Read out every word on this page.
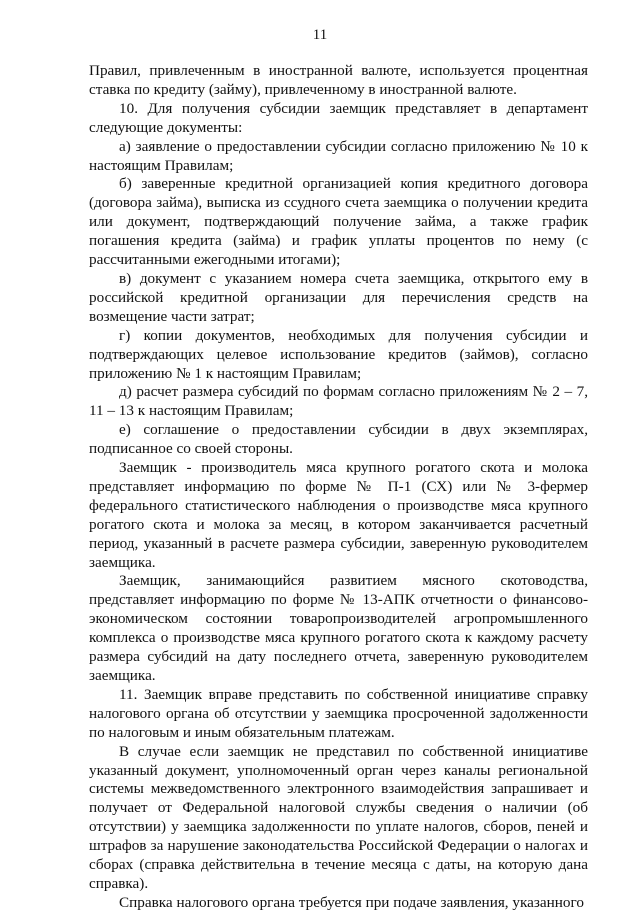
11

Правил, привлеченным в иностранной валюте, используется процентная ставка по кредиту (займу), привлеченному в иностранной валюте.

10. Для получения субсидии заемщик представляет в департамент следующие документы:

а) заявление о предоставлении субсидии согласно приложению № 10 к настоящим Правилам;

б) заверенные кредитной организацией копия кредитного договора (договора займа), выписка из ссудного счета заемщика о получении кредита или документ, подтверждающий получение займа, а также график погашения кредита (займа) и график уплаты процентов по нему (с рассчитанными ежегодными итогами);

в) документ с указанием номера счета заемщика, открытого ему в российской кредитной организации для перечисления средств на возмещение части затрат;

г) копии документов, необходимых для получения субсидии и подтверждающих целевое использование кредитов (займов), согласно приложению № 1 к настоящим Правилам;

д) расчет размера субсидий по формам согласно приложениям № 2 – 7, 11 – 13 к настоящим Правилам;

е) соглашение о предоставлении субсидии в двух экземплярах, подписанное со своей стороны.

Заемщик - производитель мяса крупного рогатого скота и молока представляет информацию по форме № П-1 (СХ) или № 3-фермер федерального статистического наблюдения о производстве мяса крупного рогатого скота и молока за месяц, в котором заканчивается расчетный период, указанный в расчете размера субсидии, заверенную руководителем заемщика.

Заемщик, занимающийся развитием мясного скотоводства, представляет информацию по форме № 13-АПК отчетности о финансово-экономическом состоянии товаропроизводителей агропромышленного комплекса о производстве мяса крупного рогатого скота к каждому расчету размера субсидий на дату последнего отчета, заверенную руководителем заемщика.

11. Заемщик вправе представить по собственной инициативе справку налогового органа об отсутствии у заемщика просроченной задолженности по налоговым и иным обязательным платежам.

В случае если заемщик не представил по собственной инициативе указанный документ, уполномоченный орган через каналы региональной системы межведомственного электронного взаимодействия запрашивает и получает от Федеральной налоговой службы сведения о наличии (об отсутствии) у заемщика задолженности по уплате налогов, сборов, пеней и штрафов за нарушение законодательства Российской Федерации о налогах и сборах (справка действительна в течение месяца с даты, на которую дана справка).

Справка налогового органа требуется при подаче заявления, указанного
